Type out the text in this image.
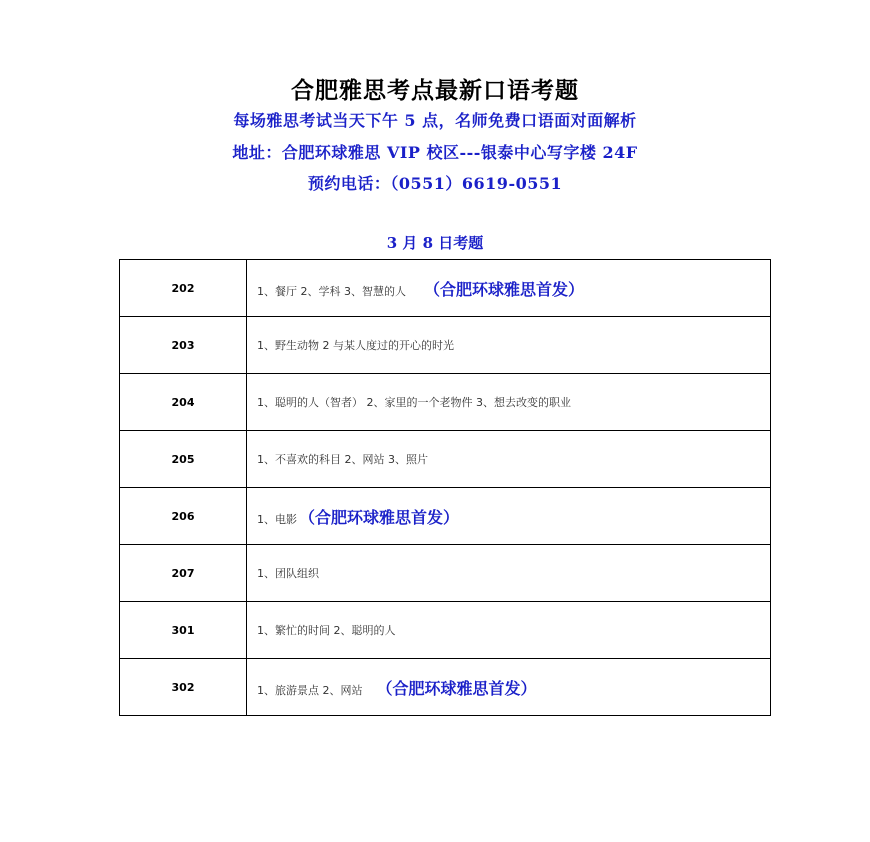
合肥雅思考点最新口语考题
每场雅思考试当天下午 5 点，名师免费口语面对面解析
地址：合肥环球雅思 VIP 校区---银泰中心写字楼 24F
预约电话：（0551）6619-0551
3 月 8 日考题
202	1、餐厅 2、学科 3、智慧的人 （合肥环球雅思首发）
203	1、野生动物 2 与某人度过的开心的时光
204	1、聪明的人（智者） 2、家里的一个老物件 3、想去改变的职业
205	1、不喜欢的科目 2、网站 3、照片
206	1、电影 （合肥环球雅思首发）
207	1、团队组织
301	1、繁忙的时间 2、聪明的人
302	1、旅游景点 2、网站 （合肥环球雅思首发）
